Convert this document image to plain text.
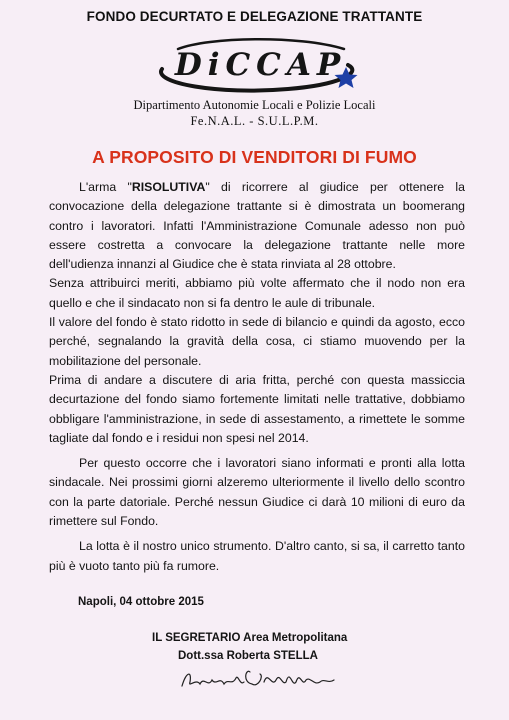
FONDO DECURTATO E DELEGAZIONE TRATTANTE
DiCCAP
Dipartimento Autonomie Locali e Polizie Locali
Fe.N.A.L. - S.U.L.P.M.
A PROPOSITO DI VENDITORI DI FUMO

L'arma "RISOLUTIVA" di ricorrere al giudice per ottenere la convocazione della delegazione trattante si è dimostrata un boomerang contro i lavoratori. Infatti l'Amministrazione Comunale adesso non può essere costretta a convocare la delegazione trattante nelle more dell'udienza innanzi al Giudice che è stata rinviata al 28 ottobre.

Senza attribuirci meriti, abbiamo più volte affermato che il nodo non era quello e che il sindacato non si fa dentro le aule di tribunale.

Il valore del fondo è stato ridotto in sede di bilancio e quindi da agosto, ecco perché, segnalando la gravità della cosa, ci stiamo muovendo per la mobilitazione del personale.

Prima di andare a discutere di aria fritta, perché con questa massiccia decurtazione del fondo siamo fortemente limitati nelle trattative, dobbiamo obbligare l'amministrazione, in sede di assestamento, a rimettete le somme tagliate dal fondo e i residui non spesi nel 2014.

Per questo occorre che i lavoratori siano informati e pronti alla lotta sindacale. Nei prossimi giorni alzeremo ulteriormente il livello dello scontro con la parte datoriale. Perché nessun Giudice ci darà 10 milioni di euro da rimettere sul Fondo.

La lotta è il nostro unico strumento. D'altro canto, si sa, il carretto tanto più è vuoto tanto più fa rumore.

Napoli, 04 ottobre 2015
IL SEGRETARIO Area Metropolitana
Dott.ssa Roberta STELLA
